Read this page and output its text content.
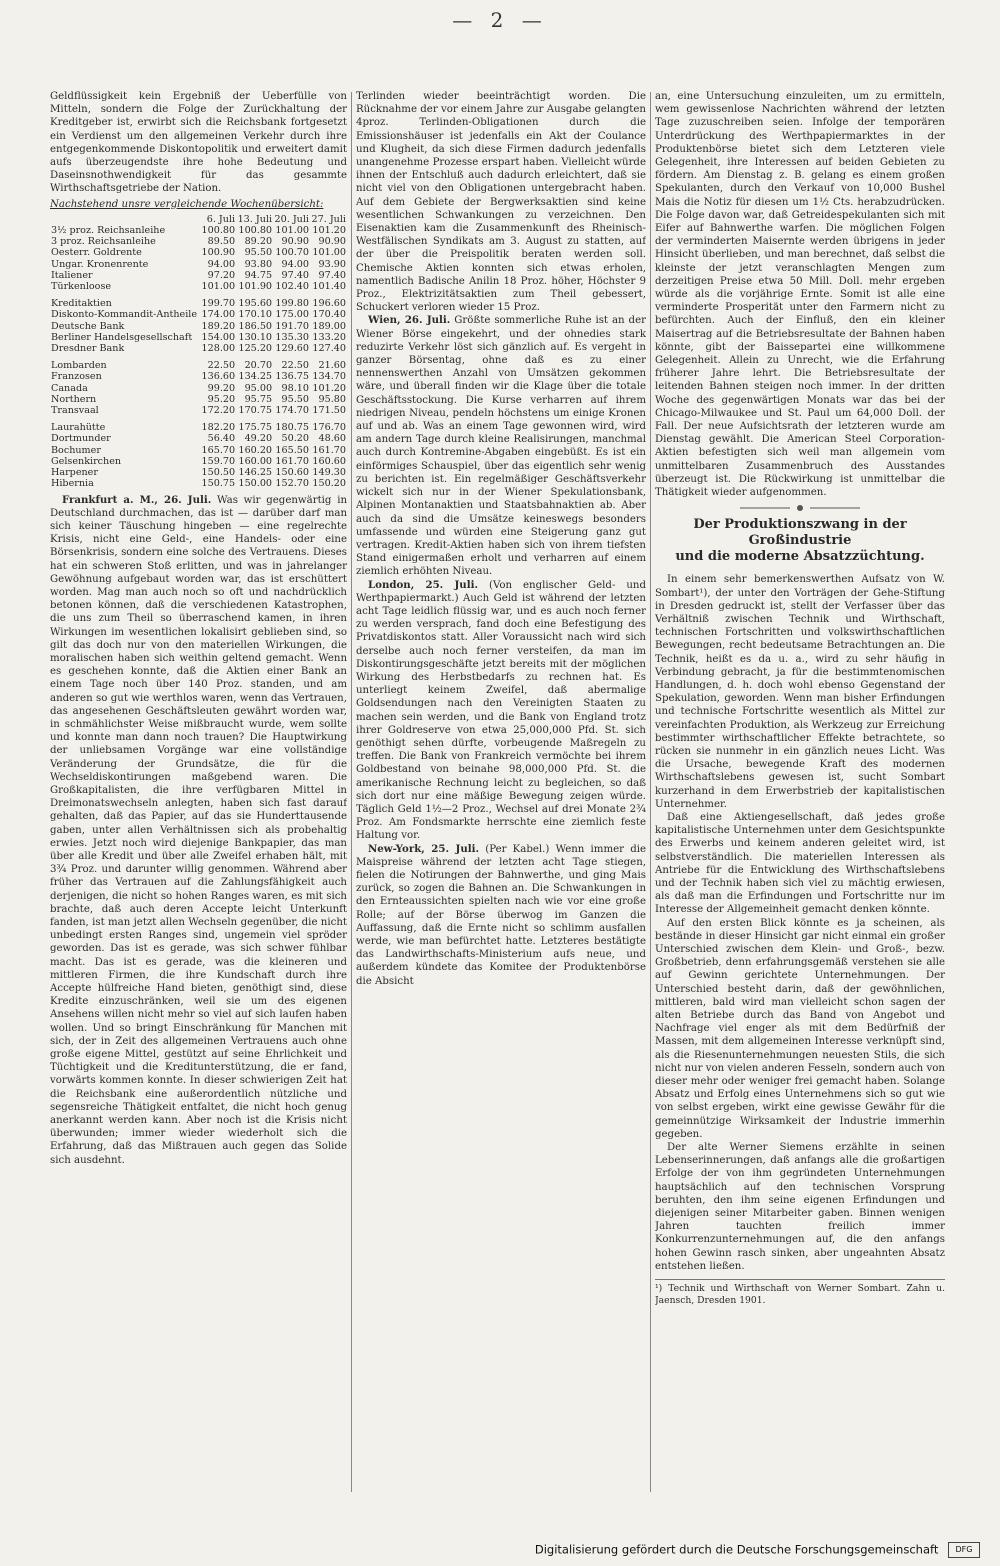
— 2 —

Geldflüssigkeit kein Ergebniß der Ueberfülle von Mitteln, sondern die Folge der Zurückhaltung der Kreditgeber ist, erwirbt sich die Reichsbank fortgesetzt ein Verdienst um den allgemeinen Verkehr durch ihre entgegenkommende Diskontopolitik und erweitert damit aufs überzeugendste ihre hohe Bedeutung und Daseinsnothwendigkeit für das gesammte Wirthschaftsgetriebe der Nation.

Nachstehend unsre vergleichende Wochenübersicht:
	6. Juli	13. Juli	20. Juli	27. Juli
3½ proz. Reichsanleihe	100.80	100.80	101.00	101.20
3 proz. Reichsanleihe	89.50	89.20	90.90	90.90
Oesterr. Goldrente	100.90	95.50	100.70	101.00
Ungar. Kronenrente	94.00	93.80	94.00	93.90
Italiener	97.20	94.75	97.40	97.40
Türkenloose	101.00	101.90	102.40	101.40

Kreditaktien	199.70	195.60	199.80	196.60
Diskonto-Kommandit-Antheile	174.00	170.10	175.00	170.40
Deutsche Bank	189.20	186.50	191.70	189.00
Berliner Handelsgesellschaft	154.00	130.10	135.30	133.20
Dresdner Bank	128.00	125.20	129.60	127.40

Lombarden	22.50	20.70	22.50	21.60
Franzosen	136.60	134.25	136.75	134.70
Canada	99.20	95.00	98.10	101.20
Northern	95.20	95.75	95.50	95.80
Transvaal	172.20	170.75	174.70	171.50

Laurahütte	182.20	175.75	180.75	176.70
Dortmunder	56.40	49.20	50.20	48.60
Bochumer	165.70	160.20	165.50	161.70
Gelsenkirchen	159.70	160.00	161.70	160.60
Harpener	150.50	146.25	150.60	149.30
Hibernia	150.75	150.00	152.70	150.20

Frankfurt a. M., 26. Juli. Was wir gegenwärtig in Deutschland durchmachen, das ist — darüber darf man sich keiner Täuschung hingeben — eine regelrechte Krisis, nicht eine Geld-, eine Handels- oder eine Börsenkrisis, sondern eine solche des Vertrauens. Dieses hat ein schweren Stoß erlitten, und was in jahrelanger Gewöhnung aufgebaut worden war, das ist erschüttert worden. Mag man auch noch so oft und nachdrücklich betonen können, daß die verschiedenen Katastrophen, die uns zum Theil so überraschend kamen, in ihren Wirkungen im wesentlichen lokalisirt geblieben sind, so gilt das doch nur von den materiellen Wirkungen, die moralischen haben sich weithin geltend gemacht. Wenn es geschehen konnte, daß die Aktien einer Bank an einem Tage noch über 140 Proz. standen, und am anderen so gut wie werthlos waren, wenn das Vertrauen, das angesehenen Geschäftsleuten gewährt worden war, in schmählichster Weise mißbraucht wurde, wem sollte und konnte man dann noch trauen? Die Hauptwirkung der unliebsamen Vorgänge war eine vollständige Veränderung der Grundsätze, die für die Wechseldiskontirungen maßgebend waren. Die Großkapitalisten, die ihre verfügbaren Mittel in Dreimonatswechseln anlegten, haben sich fast darauf gehalten, daß das Papier, auf das sie Hunderttausende gaben, unter allen Verhältnissen sich als probehaltig erwies. Jetzt noch wird diejenige Bankpapier, das man über alle Kredit und über alle Zweifel erhaben hält, mit 3¾ Proz. und darunter willig genommen. Während aber früher das Vertrauen auf die Zahlungsfähigkeit auch derjenigen, die nicht so hohen Ranges waren, es mit sich brachte, daß auch deren Accepte leicht Unterkunft fanden, ist man jetzt allen Wechseln gegenüber, die nicht unbedingt ersten Ranges sind, ungemein viel spröder geworden. Das ist es gerade, was sich schwer fühlbar macht. Das ist es gerade, was die kleineren und mittleren Firmen, die ihre Kundschaft durch ihre Accepte hülfreiche Hand bieten, genöthigt sind, diese Kredite einzuschränken, weil sie um des eigenen Ansehens willen nicht mehr so viel auf sich laufen haben wollen. Und so bringt Einschränkung für Manchen mit sich, der in Zeit des allgemeinen Vertrauens auch ohne große eigene Mittel, gestützt auf seine Ehrlichkeit und Tüchtigkeit und die Kreditunterstützung, die er fand, vorwärts kommen konnte. In dieser schwierigen Zeit hat die Reichsbank eine außerordentlich nützliche und segensreiche Thätigkeit entfaltet, die nicht hoch genug anerkannt werden kann. Aber noch ist die Krisis nicht überwunden; immer wieder wiederholt sich die Erfahrung, daß das Mißtrauen auch gegen das Solide sich ausdehnt.

Terlinden wieder beeinträchtigt worden. Die Rücknahme der vor einem Jahre zur Ausgabe gelangten 4proz. Terlinden-Obligationen durch die Emissionshäuser ist jedenfalls ein Akt der Coulance und Klugheit, da sich diese Firmen dadurch jedenfalls unangenehme Prozesse erspart haben. Vielleicht würde ihnen der Entschluß auch dadurch erleichtert, daß sie nicht viel von den Obligationen untergebracht haben. Auf dem Gebiete der Bergwerksaktien sind keine wesentlichen Schwankungen zu verzeichnen. Den Eisenaktien kam die Zusammenkunft des Rheinisch-Westfälischen Syndikats am 3. August zu statten, auf der über die Preispolitik beraten werden soll. Chemische Aktien konnten sich etwas erholen, namentlich Badische Anilin 18 Proz. höher, Höchster 9 Proz., Elektrizitätsaktien zum Theil gebessert, Schuckert verloren wieder 15 Proz.

Wien, 26. Juli. Größte sommerliche Ruhe ist an der Wiener Börse eingekehrt, und der ohnedies stark reduzirte Verkehr löst sich gänzlich auf. Es vergeht in ganzer Börsentag, ohne daß es zu einer nennenswerthen Anzahl von Umsätzen gekommen wäre, und überall finden wir die Klage über die totale Geschäftsstockung. Die Kurse verharren auf ihrem niedrigen Niveau, pendeln höchstens um einige Kronen auf und ab. Was an einem Tage gewonnen wird, wird am andern Tage durch kleine Realisirungen, manchmal auch durch Kontremine-Abgaben eingebüßt. Es ist ein einförmiges Schauspiel, über das eigentlich sehr wenig zu berichten ist. Ein regelmäßiger Geschäftsverkehr wickelt sich nur in der Wiener Spekulationsbank, Alpinen Montanaktien und Staatsbahnaktien ab. Aber auch da sind die Umsätze keineswegs besonders umfassende und würden eine Steigerung ganz gut vertragen. Kredit-Aktien haben sich von ihrem tiefsten Stand einigermaßen erholt und verharren auf einem ziemlich erhöhten Niveau.

London, 25. Juli. (Von englischer Geld- und Werthpapiermarkt.) Auch Geld ist während der letzten acht Tage leidlich flüssig war, und es auch noch ferner zu werden versprach, fand doch eine Befestigung des Privatdiskontos statt. Aller Voraussicht nach wird sich derselbe auch noch ferner versteifen, da man im Diskontirungsgeschäfte jetzt bereits mit der möglichen Wirkung des Herbstbedarfs zu rechnen hat. Es unterliegt keinem Zweifel, daß abermalige Goldsendungen nach den Vereinigten Staaten zu machen sein werden, und die Bank von England trotz ihrer Goldreserve von etwa 25,000,000 Pfd. St. sich genöthigt sehen dürfte, vorbeugende Maßregeln zu treffen. Die Bank von Frankreich vermöchte bei ihrem Goldbestand von beinahe 98,000,000 Pfd. St. die amerikanische Rechnung leicht zu begleichen, so daß sich dort nur eine mäßige Bewegung zeigen würde. Täglich Geld 1½—2 Proz., Wechsel auf drei Monate 2¾ Proz. Am Fondsmarkte herrschte eine ziemlich feste Haltung vor.

New-York, 25. Juli. (Per Kabel.) Wenn immer die Maispreise während der letzten acht Tage stiegen, fielen die Notirungen der Bahnwerthe, und ging Mais zurück, so zogen die Bahnen an. Die Schwankungen in den Ernteaussichten spielten nach wie vor eine große Rolle; auf der Börse überwog im Ganzen die Auffassung, daß die Ernte nicht so schlimm ausfallen werde, wie man befürchtet hatte. Letzteres bestätigte das Landwirthschafts-Ministerium aufs neue, und außerdem kündete das Komitee der Produktenbörse die Absicht

an, eine Untersuchung einzuleiten, um zu ermitteln, wem gewissenlose Nachrichten während der letzten Tage zuzuschreiben seien. Infolge der temporären Unterdrückung des Werthpapiermarktes in der Produktenbörse bietet sich dem Letzteren viele Gelegenheit, ihre Interessen auf beiden Gebieten zu fördern. Am Dienstag z. B. gelang es einem großen Spekulanten, durch den Verkauf von 10,000 Bushel Mais die Notiz für diesen um 1½ Cts. herabzudrücken. Die Folge davon war, daß Getreidespekulanten sich mit Eifer auf Bahnwerthe warfen. Die möglichen Folgen der verminderten Maisernte werden übrigens in jeder Hinsicht überlieben, und man berechnet, daß selbst die kleinste der jetzt veranschlagten Mengen zum derzeitigen Preise etwa 50 Mill. Doll. mehr ergeben würde als die vorjährige Ernte. Somit ist alle eine verminderte Prosperität unter den Farmern nicht zu befürchten. Auch der Einfluß, den ein kleiner Maisertrag auf die Betriebsresultate der Bahnen haben könnte, gibt der Baissepartei eine willkommene Gelegenheit. Allein zu Unrecht, wie die Erfahrung früherer Jahre lehrt. Die Betriebsresultate der leitenden Bahnen steigen noch immer. In der dritten Woche des gegenwärtigen Monats war das bei der Chicago-Milwaukee und St. Paul um 64,000 Doll. der Fall. Der neue Aufsichtsrath der letzteren wurde am Dienstag gewählt. Die American Steel Corporation-Aktien befestigten sich weil man allgemein vom unmittelbaren Zusammenbruch des Ausstandes überzeugt ist. Die Rückwirkung ist unmittelbar die Thätigkeit wieder aufgenommen.

Der Produktionszwang in der Großindustrie
und die moderne Absatzzüchtung.

In einem sehr bemerkenswerthen Aufsatz von W. Sombart¹), der unter den Vorträgen der Gehe-Stiftung in Dresden gedruckt ist, stellt der Verfasser über das Verhältniß zwischen Technik und Wirthschaft, technischen Fortschritten und volkswirthschaftlichen Bewegungen, recht bedeutsame Betrachtungen an. Die Technik, heißt es da u. a., wird zu sehr häufig in Verbindung gebracht, ja für die bestimmtenomischen Handlungen, d. h. doch wohl ebenso Gegenstand der Spekulation, geworden. Wenn man bisher Erfindungen und technische Fortschritte wesentlich als Mittel zur vereinfachten Produktion, als Werkzeug zur Erreichung bestimmter wirthschaftlicher Effekte betrachtete, so rücken sie nunmehr in ein gänzlich neues Licht. Was die Ursache, bewegende Kraft des modernen Wirthschaftslebens gewesen ist, sucht Sombart kurzerhand in dem Erwerbstrieb der kapitalistischen Unternehmer.

Daß eine Aktiengesellschaft, daß jedes große kapitalistische Unternehmen unter dem Gesichtspunkte des Erwerbs und keinem anderen geleitet wird, ist selbstverständlich. Die materiellen Interessen als Antriebe für die Entwicklung des Wirthschaftslebens und der Technik haben sich viel zu mächtig erwiesen, als daß man die Erfindungen und Fortschritte nur im Interesse der Allgemeinheit gemacht denken könnte.

Auf den ersten Blick könnte es ja scheinen, als bestände in dieser Hinsicht gar nicht einmal ein großer Unterschied zwischen dem Klein- und Groß-, bezw. Großbetrieb, denn erfahrungsgemäß verstehen sie alle auf Gewinn gerichtete Unternehmungen. Der Unterschied besteht darin, daß der gewöhnlichen, mittleren, bald wird man vielleicht schon sagen der alten Betriebe durch das Band von Angebot und Nachfrage viel enger als mit dem Bedürfniß der Massen, mit dem allgemeinen Interesse verknüpft sind, als die Riesenunternehmungen neuesten Stils, die sich nicht nur von vielen anderen Fesseln, sondern auch von dieser mehr oder weniger frei gemacht haben. Solange Absatz und Erfolg eines Unternehmens sich so gut wie von selbst ergeben, wirkt eine gewisse Gewähr für die gemeinnützige Wirksamkeit der Industrie immerhin gegeben.

Der alte Werner Siemens erzählte in seinen Lebenserinnerungen, daß anfangs alle die großartigen Erfolge der von ihm gegründeten Unternehmungen hauptsächlich auf den technischen Vorsprung beruhten, den ihm seine eigenen Erfindungen und diejenigen seiner Mitarbeiter gaben. Binnen wenigen Jahren tauchten freilich immer Konkurrenzunternehmungen auf, die den anfangs hohen Gewinn rasch sinken, aber ungeahnten Absatz entstehen ließen.

¹) Technik und Wirthschaft von Werner Sombart. Zahn u. Jaensch, Dresden 1901.
Digitalisierung gefördert durch die Deutsche Forschungsgemeinschaft DFG
